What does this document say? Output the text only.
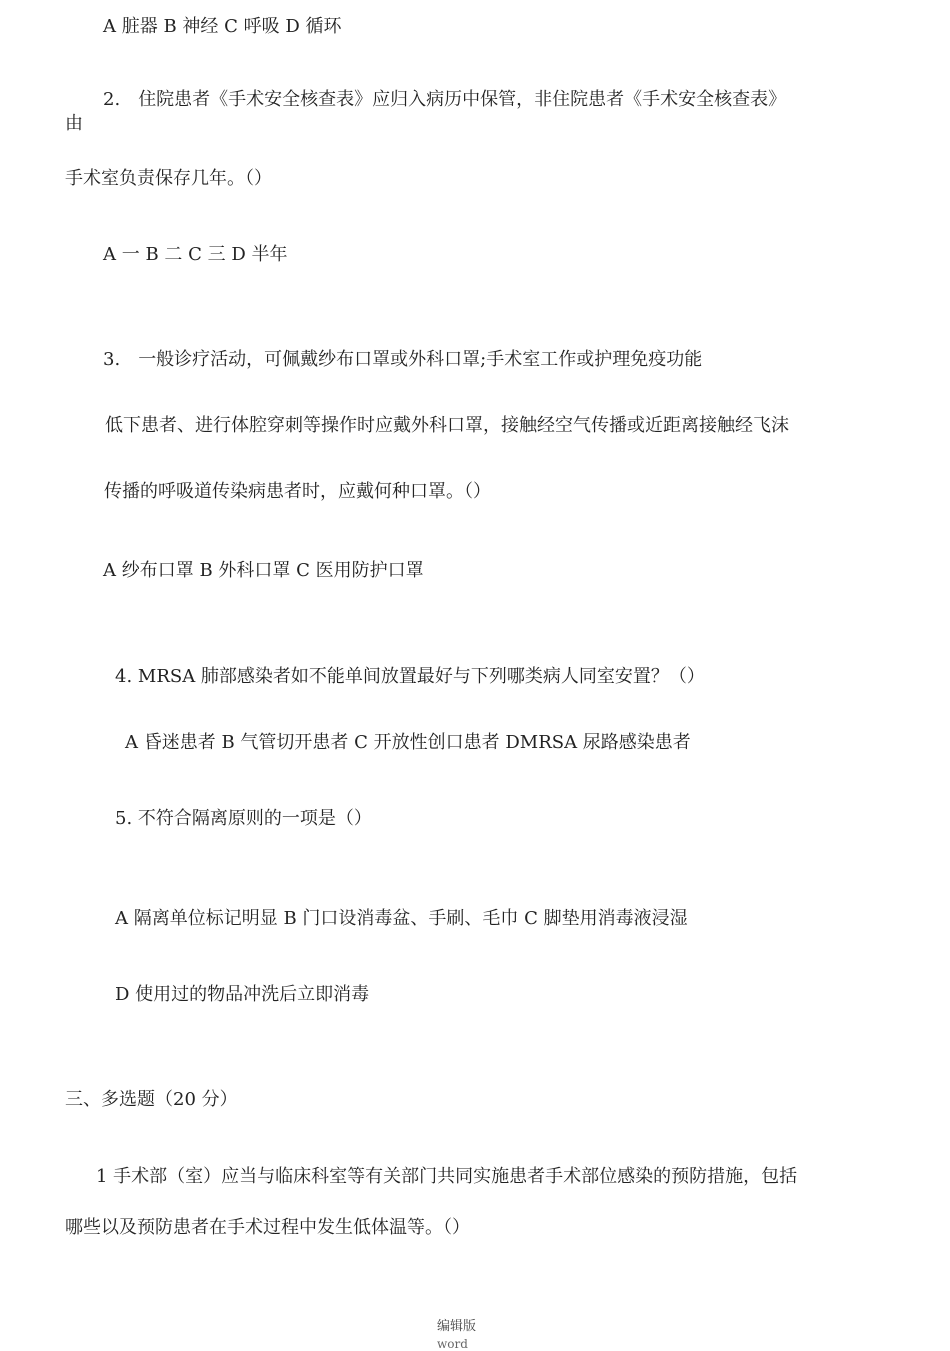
A 脏器 B 神经 C 呼吸 D 循环
2. 住院患者《手术安全核查表》应归入病历中保管，非住院患者《手术安全核查表》
由
手术室负责保存几年。（）
A 一 B 二 C 三 D 半年
3. 一般诊疗活动，可佩戴纱布口罩或外科口罩;手术室工作或护理免疫功能
低下患者、进行体腔穿刺等操作时应戴外科口罩，接触经空气传播或近距离接触经飞沫
传播的呼吸道传染病患者时，应戴何种口罩。（）
A 纱布口罩 B 外科口罩 C 医用防护口罩
4. MRSA 肺部感染者如不能单间放置最好与下列哪类病人同室安置？（）
A 昏迷患者 B 气管切开患者 C 开放性创口患者 DMRSA 尿路感染患者
5. 不符合隔离原则的一项是（）
A 隔离单位标记明显 B 门口设消毒盆、手刷、毛巾 C 脚垫用消毒液浸湿
D 使用过的物品冲洗后立即消毒
三、多选题（20 分）
1 手术部（室）应当与临床科室等有关部门共同实施患者手术部位感染的预防措施，包括
哪些以及预防患者在手术过程中发生低体温等。（）
编辑版
word
